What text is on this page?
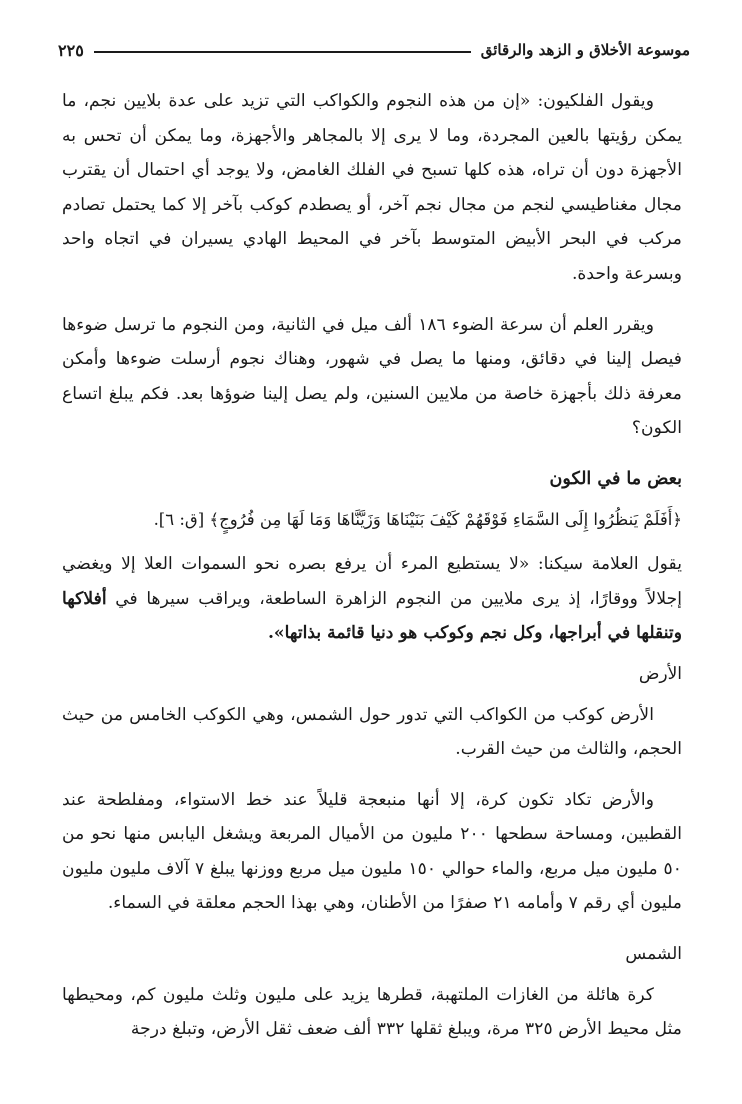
موسوعة الأخلاق و الزهد والرقائق
٢٢٥

ويقول الفلكيون: «إن من هذه النجوم والكواكب التي تزيد على عدة بلايين نجم، ما يمكن رؤيتها بالعين المجردة، وما لا يرى إلا بالمجاهر والأجهزة، وما يمكن أن تحس به الأجهزة دون أن تراه، هذه كلها تسبح في الفلك الغامض، ولا يوجد أي احتمال أن يقترب مجال مغناطيسي لنجم من مجال نجم آخر، أو يصطدم كوكب بآخر إلا كما يحتمل تصادم مركب في البحر الأبيض المتوسط بآخر في المحيط الهادي يسيران في اتجاه واحد وبسرعة واحدة.

ويقرر العلم أن سرعة الضوء ١٨٦ ألف ميل في الثانية، ومن النجوم ما ترسل ضوءها فيصل إلينا في دقائق، ومنها ما يصل في شهور، وهناك نجوم أرسلت ضوءها وأمكن معرفة ذلك بأجهزة خاصة من ملايين السنين، ولم يصل إلينا ضوؤها بعد. فكم يبلغ اتساع الكون؟

بعض ما في الكون

﴿أَفَلَمْ يَنظُرُوا إِلَى السَّمَاءِ فَوْقَهُمْ كَيْفَ بَنَيْنَاهَا وَزَيَّنَّاهَا وَمَا لَهَا مِن فُرُوجٍ﴾ [ق: ٦].

يقول العلامة سيكنا: «لا يستطيع المرء أن يرفع بصره نحو السموات العلا إلا ويغضي إجلالاً ووقارًا، إذ يرى ملايين من النجوم الزاهرة الساطعة، ويراقب سيرها في أفلاكها وتنقلها في أبراجها، وكل نجم وكوكب هو دنيا قائمة بذاتها».

الأرض

الأرض كوكب من الكواكب التي تدور حول الشمس، وهي الكوكب الخامس من حيث الحجم، والثالث من حيث القرب.

والأرض تكاد تكون كرة، إلا أنها منبعجة قليلاً عند خط الاستواء، ومفلطحة عند القطبين، ومساحة سطحها ٢٠٠ مليون من الأميال المربعة ويشغل اليابس منها نحو من ٥٠ مليون ميل مربع، والماء حوالي ١٥٠ مليون ميل مربع ووزنها يبلغ ٧ آلاف مليون مليون مليون أي رقم ٧ وأمامه ٢١ صفرًا من الأطنان، وهي بهذا الحجم معلقة في السماء.

الشمس

كرة هائلة من الغازات الملتهبة، قطرها يزيد على مليون وثلث مليون كم، ومحيطها مثل محيط الأرض ٣٢٥ مرة، ويبلغ ثقلها ٣٣٢ ألف ضعف ثقل الأرض، وتبلغ درجة
